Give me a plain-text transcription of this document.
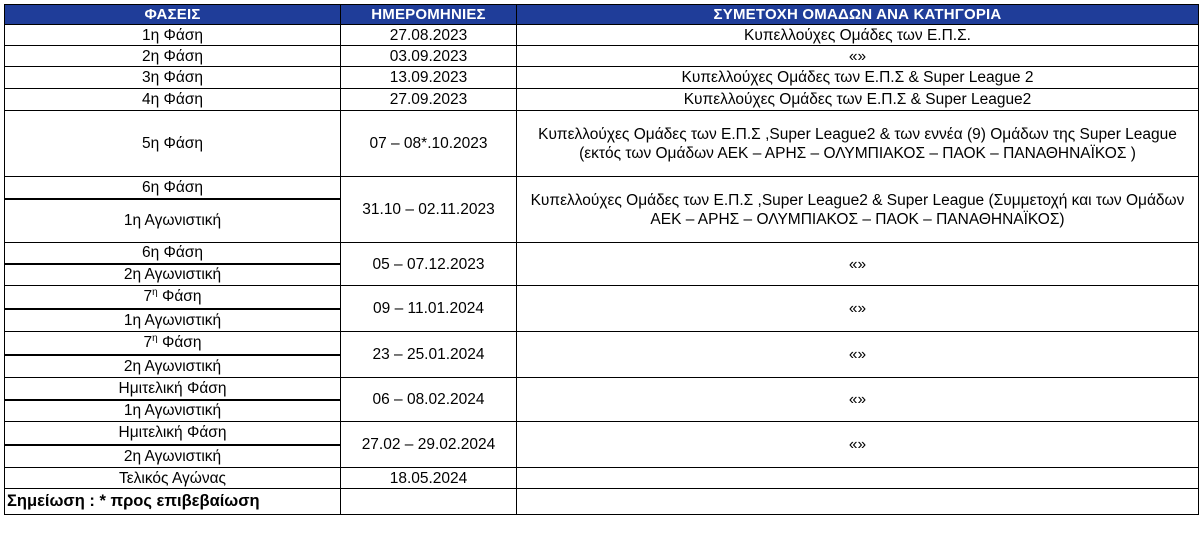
ΦΑΣΕΙΣ	ΗΜΕΡΟΜΗΝΙΕΣ	ΣΥΜΕΤΟΧΗ ΟΜΑΔΩΝ ΑΝΑ ΚΑΤΗΓΟΡΙΑ
1η Φάση	27.08.2023	Κυπελλούχες Ομάδες των Ε.Π.Σ.
2η Φάση	03.09.2023	«»
3η Φάση	13.09.2023	Κυπελλούχες Ομάδες των Ε.Π.Σ & Super League 2
4η Φάση	27.09.2023	Κυπελλούχες Ομάδες των Ε.Π.Σ & Super League2
5η Φάση	07 – 08*.10.2023	Κυπελλούχες Ομάδες των Ε.Π.Σ ,Super League2 & των εννέα (9) Ομάδων της Super League (εκτός των Ομάδων ΑΕΚ – ΑΡΗΣ – ΟΛΥΜΠΙΑΚΟΣ – ΠΑΟΚ – ΠΑΝΑΘΗΝΑΪΚΟΣ )
6η Φάση	31.10 – 02.11.2023	Κυπελλούχες Ομάδες των Ε.Π.Σ ,Super League2 & Super League (Συμμετοχή και των Ομάδων ΑΕΚ – ΑΡΗΣ – ΟΛΥΜΠΙΑΚΟΣ – ΠΑΟΚ – ΠΑΝΑΘΗΝΑΪΚΟΣ)
1η Αγωνιστική		
6η Φάση	05 – 07.12.2023	«»
2η Αγωνιστική		
$7^\eta$ Φάση	09 – 11.01.2024	«»
1η Αγωνιστική		
$7^\eta$ Φάση	23 – 25.01.2024	«»
2η Αγωνιστική		
Ημιτελική Φάση	06 – 08.02.2024	«»
1η Αγωνιστική		
Ημιτελική Φάση	27.02 – 29.02.2024	«»
2η Αγωνιστική		
Τελικός Αγώνας	18.05.2024	
Σημείωση : * προς επιβεβαίωση		
